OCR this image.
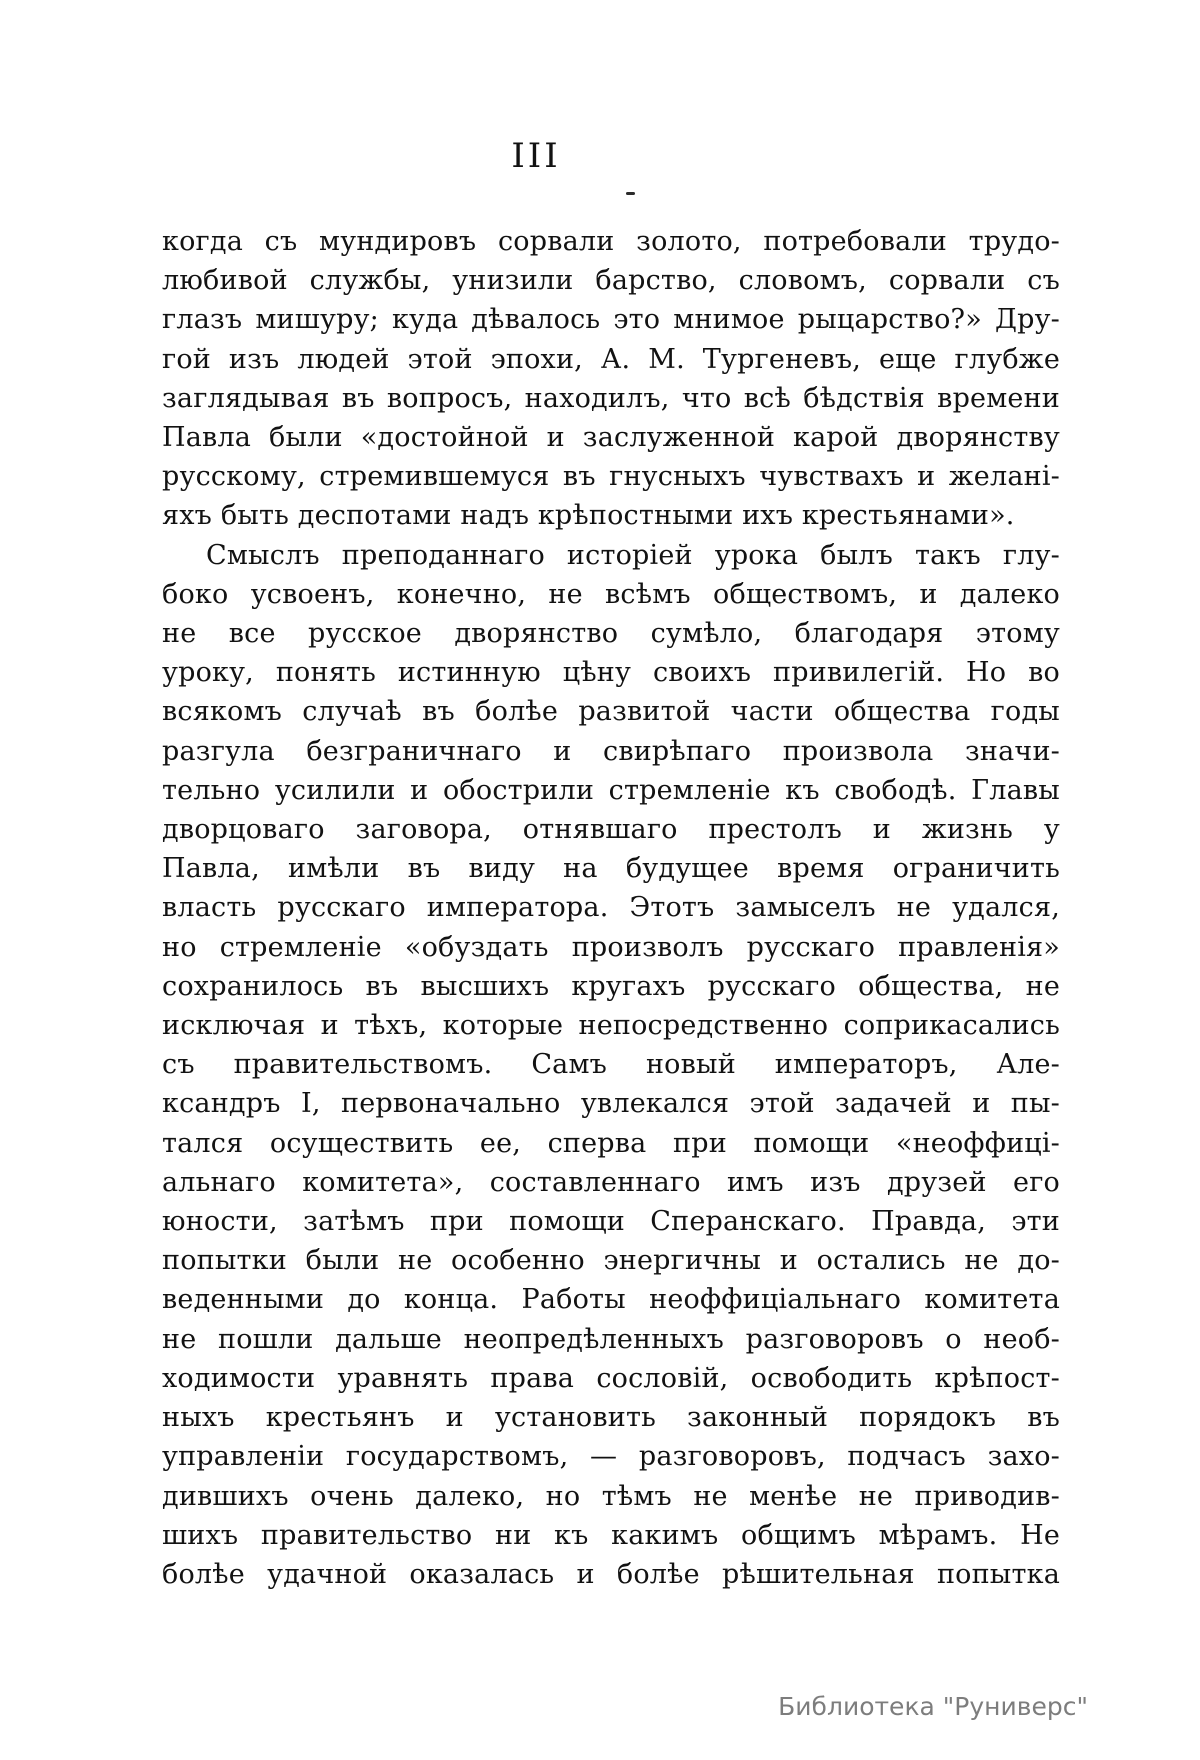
III
когда съ мундировъ сорвали золото, потребовали трудо-
любивой службы, унизили барство, словомъ, сорвали съ
глазъ мишуру; куда дѣвалось это мнимое рыцарство?» Дру-
гой изъ людей этой эпохи, А. М. Тургеневъ, еще глубже
заглядывая въ вопросъ, находилъ, что всѣ бѣдствія времени
Павла были «достойной и заслуженной карой дворянству
русскому, стремившемуся въ гнусныхъ чувствахъ и желані-
яхъ быть деспотами надъ крѣпостными ихъ крестьянами».
Смыслъ преподаннаго исторіей урока былъ такъ глу-
боко усвоенъ, конечно, не всѣмъ обществомъ, и далеко
не все русское дворянство сумѣло, благодаря этому
уроку, понять истинную цѣну своихъ привилегій. Но во
всякомъ случаѣ въ болѣе развитой части общества годы
разгула безграничнаго и свирѣпаго произвола значи-
тельно усилили и обострили стремленіе къ свободѣ. Главы
дворцоваго заговора, отнявшаго престолъ и жизнь у
Павла, имѣли въ виду на будущее время ограничить
власть русскаго императора. Этотъ замыселъ не удался,
но стремленіе «обуздать произволъ русскаго правленія»
сохранилось въ высшихъ кругахъ русскаго общества, не
исключая и тѣхъ, которые непосредственно соприкасались
съ правительствомъ. Самъ новый императоръ, Але-
ксандръ I, первоначально увлекался этой задачей и пы-
тался осуществить ее, сперва при помощи «неоффиці-
альнаго комитета», составленнаго имъ изъ друзей его
юности, затѣмъ при помощи Сперанскаго. Правда, эти
попытки были не особенно энергичны и остались не до-
веденными до конца. Работы неоффиціальнаго комитета
не пошли дальше неопредѣленныхъ разговоровъ о необ-
ходимости уравнять права сословій, освободить крѣпост-
ныхъ крестьянъ и установить законный порядокъ въ
управленіи государствомъ, — разговоровъ, подчасъ захо-
дившихъ очень далеко, но тѣмъ не менѣе не приводив-
шихъ правительство ни къ какимъ общимъ мѣрамъ. Не
болѣе удачной оказалась и болѣе рѣшительная попытка
Библиотека "Руниверс"
